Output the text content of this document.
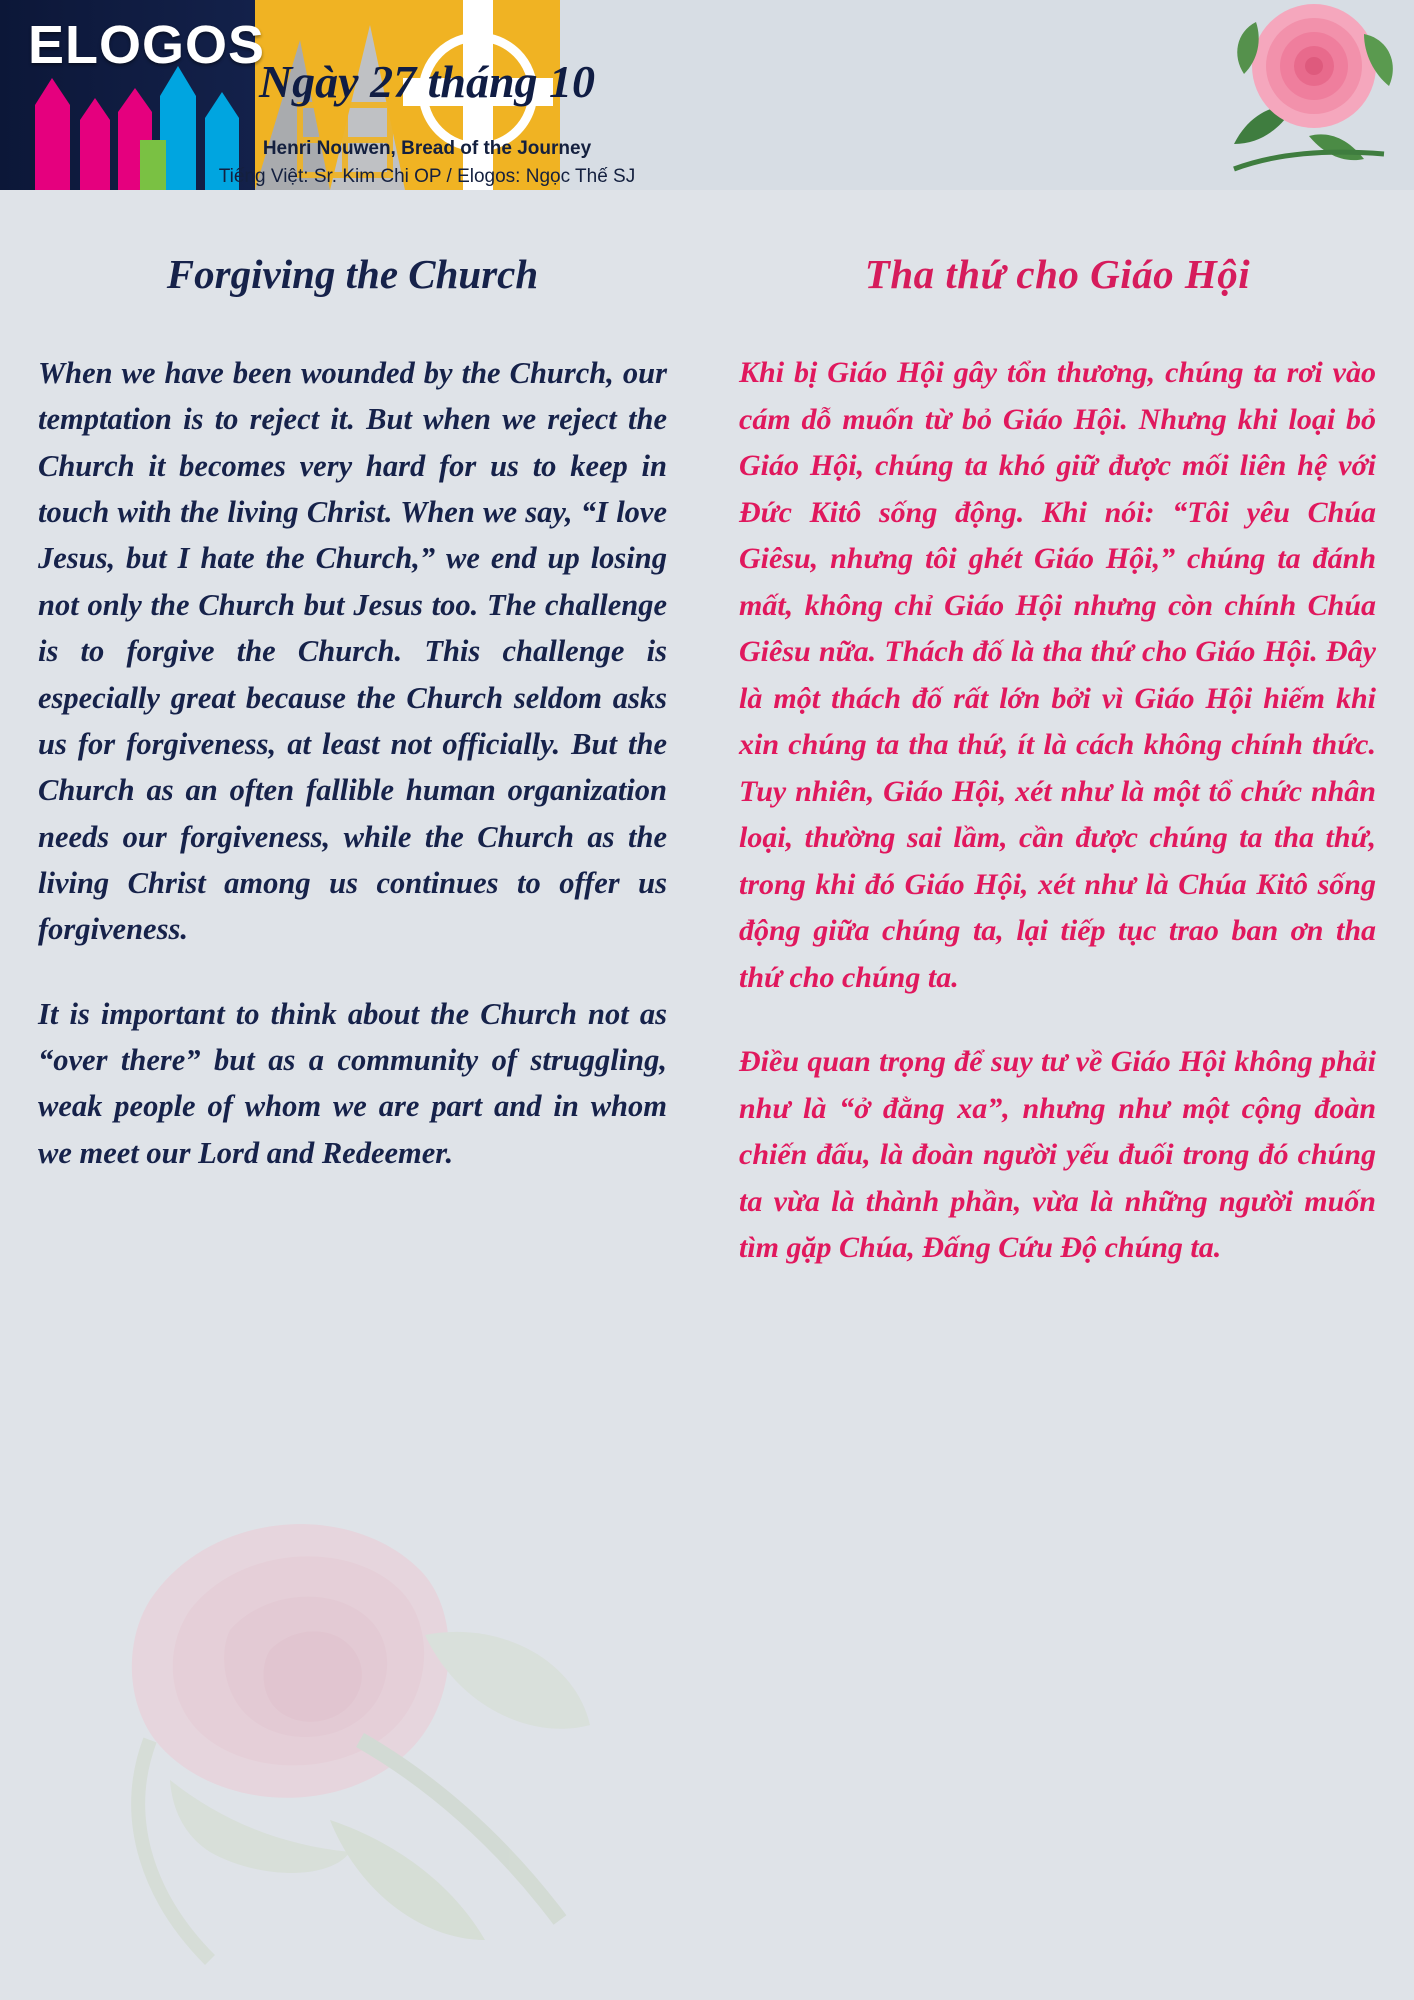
ELOGOS
Ngày 27 tháng 10
Henri Nouwen, Bread of the Journey
Tiếng Việt: Sr. Kim Chi OP / Elogos: Ngọc Thế SJ
Forgiving the Church

When we have been wounded by the Church, our temptation is to reject it. But when we reject the Church it becomes very hard for us to keep in touch with the living Christ. When we say, “I love Jesus, but I hate the Church,” we end up losing not only the Church but Jesus too. The challenge is to forgive the Church. This challenge is especially great because the Church seldom asks us for forgiveness, at least not officially. But the Church as an often fallible human organization needs our forgiveness, while the Church as the living Christ among us continues to offer us forgiveness.

It is important to think about the Church not as “over there” but as a community of struggling, weak people of whom we are part and in whom we meet our Lord and Redeemer.

Tha thứ cho Giáo Hội

Khi bị Giáo Hội gây tổn thương, chúng ta rơi vào cám dỗ muốn từ bỏ Giáo Hội. Nhưng khi loại bỏ Giáo Hội, chúng ta khó giữ được mối liên hệ với Đức Kitô sống động. Khi nói: “Tôi yêu Chúa Giêsu, nhưng tôi ghét Giáo Hội,” chúng ta đánh mất, không chỉ Giáo Hội nhưng còn chính Chúa Giêsu nữa. Thách đố là tha thứ cho Giáo Hội. Đây là một thách đố rất lớn bởi vì Giáo Hội hiếm khi xin chúng ta tha thứ, ít là cách không chính thức. Tuy nhiên, Giáo Hội, xét như là một tổ chức nhân loại, thường sai lầm, cần được chúng ta tha thứ, trong khi đó Giáo Hội, xét như là Chúa Kitô sống động giữa chúng ta, lại tiếp tục trao ban ơn tha thứ cho chúng ta.

Điều quan trọng để suy tư về Giáo Hội không phải như là “ở đằng xa”, nhưng như một cộng đoàn chiến đấu, là đoàn người yếu đuối trong đó chúng ta vừa là thành phần, vừa là những người muốn tìm gặp Chúa, Đấng Cứu Độ chúng ta.
